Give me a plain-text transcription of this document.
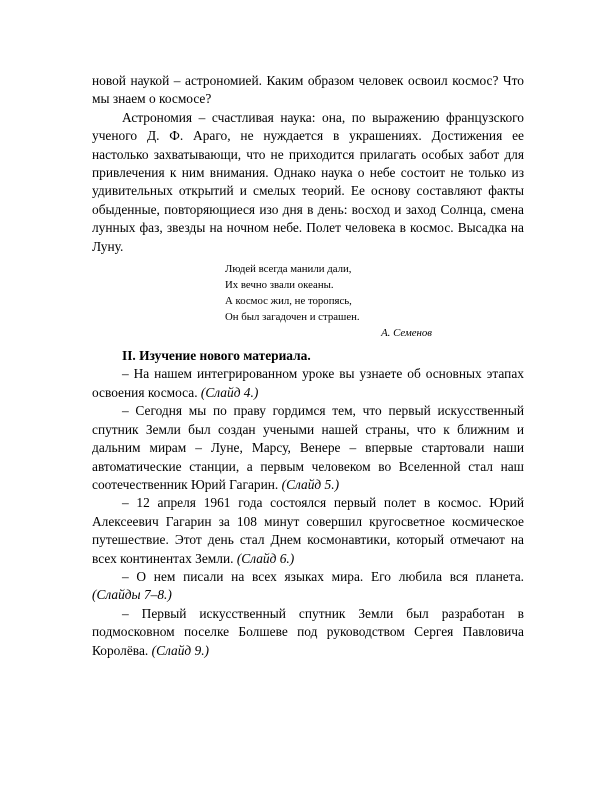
новой наукой – астрономией. Каким образом человек освоил космос? Что мы знаем о космосе?

Астрономия – счастливая наука: она, по выражению французского ученого Д. Ф. Араго, не нуждается в украшениях. Достижения ее настолько захватывающи, что не приходится прилагать особых забот для привлечения к ним внимания. Однако наука о небе состоит не только из удивительных открытий и смелых теорий. Ее основу составляют факты обыденные, повторяющиеся изо дня в день: восход и заход Солнца, смена лунных фаз, звезды на ночном небе. Полет человека в космос. Высадка на Луну.

Людей всегда манили дали,
Их вечно звали океаны.
А космос жил, не торопясь,
Он был загадочен и страшен.
А. Семенов
II. Изучение нового материала.

– На нашем интегрированном уроке вы узнаете об основных этапах освоения космоса. (Слайд 4.)

– Сегодня мы по праву гордимся тем, что первый искусственный спутник Земли был создан учеными нашей страны, что к ближним и дальним мирам – Луне, Марсу, Венере – впервые стартовали наши автоматические станции, а первым человеком во Вселенной стал наш соотечественник Юрий Гагарин. (Слайд 5.)

– 12 апреля 1961 года состоялся первый полет в космос. Юрий Алексеевич Гагарин за 108 минут совершил кругосветное космическое путешествие. Этот день стал Днем космонавтики, который отмечают на всех континентах Земли. (Слайд 6.)

– О нем писали на всех языках мира. Его любила вся планета. (Слайды 7–8.)

– Первый искусственный спутник Земли был разработан в подмосковном поселке Болшеве под руководством Сергея Павловича Королёва. (Слайд 9.)
